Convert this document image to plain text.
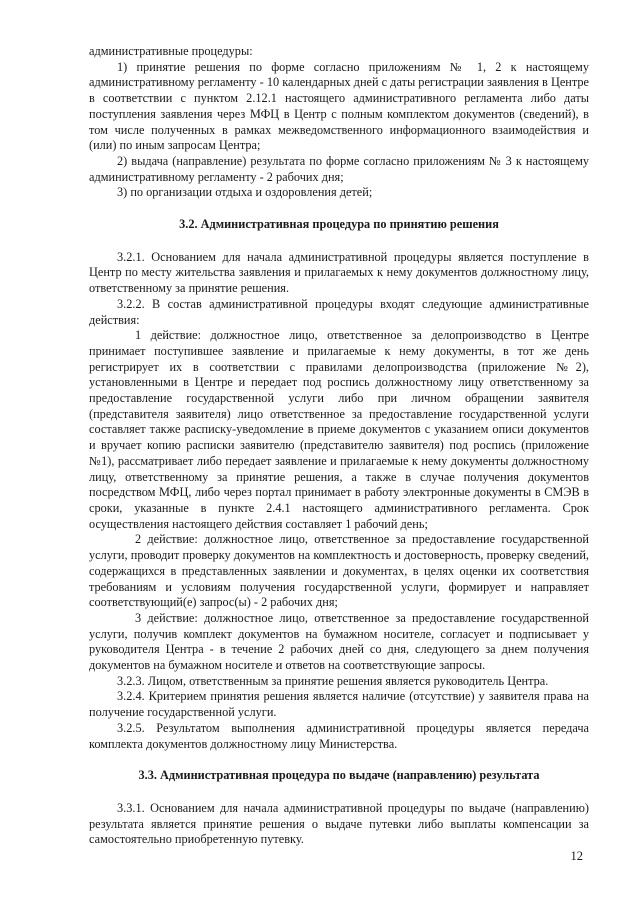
административные процедуры:

1) принятие решения по форме согласно приложениям № 1, 2 к настоящему административному регламенту - 10 календарных дней с даты регистрации заявления в Центре в соответствии с пунктом 2.12.1 настоящего административного регламента либо даты поступления заявления через МФЦ в Центр с полным комплектом документов (сведений), в том числе полученных в рамках межведомственного информационного взаимодействия и (или) по иным запросам Центра;

2) выдача (направление) результата по форме согласно приложениям № 3 к настоящему административному регламенту - 2 рабочих дня;

3) по организации отдыха и оздоровления детей;

3.2. Административная процедура по принятию решения

3.2.1. Основанием для начала административной процедуры является поступление в Центр по месту жительства заявления и прилагаемых к нему документов должностному лицу, ответственному за принятие решения.

3.2.2. В состав административной процедуры входят следующие административные действия:

1 действие: должностное лицо, ответственное за делопроизводство в Центре принимает поступившее заявление и прилагаемые к нему документы, в тот же день регистрирует их в соответствии с правилами делопроизводства (приложение №2), установленными в Центре и передает под роспись должностному лицу ответственному за предоставление государственной услуги либо при личном обращении заявителя (представителя заявителя) лицо ответственное за предоставление государственной услуги составляет также расписку-уведомление в приеме документов с указанием описи документов и вручает копию расписки заявителю (представителю заявителя) под роспись (приложение №1), рассматривает либо передает заявление и прилагаемые к нему документы должностному лицу, ответственному за принятие решения, а также в случае получения документов посредством МФЦ, либо через портал принимает в работу электронные документы в СМЭВ в сроки, указанные в пункте 2.4.1 настоящего административного регламента. Срок осуществления настоящего действия составляет 1 рабочий день;

2 действие: должностное лицо, ответственное за предоставление государственной услуги, проводит проверку документов на комплектность и достоверность, проверку сведений, содержащихся в представленных заявлении и документах, в целях оценки их соответствия требованиям и условиям получения государственной услуги, формирует и направляет соответствующий(е) запрос(ы) - 2 рабочих дня;

3 действие: должностное лицо, ответственное за предоставление государственной услуги, получив комплект документов на бумажном носителе, согласует и подписывает у руководителя Центра - в течение 2 рабочих дней со дня, следующего за днем получения документов на бумажном носителе и ответов на соответствующие запросы.

3.2.3. Лицом, ответственным за принятие решения является руководитель Центра.

3.2.4. Критерием принятия решения является наличие (отсутствие) у заявителя права на получение государственной услуги.

3.2.5. Результатом выполнения административной процедуры является передача комплекта документов должностному лицу Министерства.

3.3. Административная процедура по выдаче (направлению) результата

3.3.1. Основанием для начала административной процедуры по выдаче (направлению) результата является принятие решения о выдаче путевки либо выплаты компенсации за самостоятельно приобретенную путевку.

12
